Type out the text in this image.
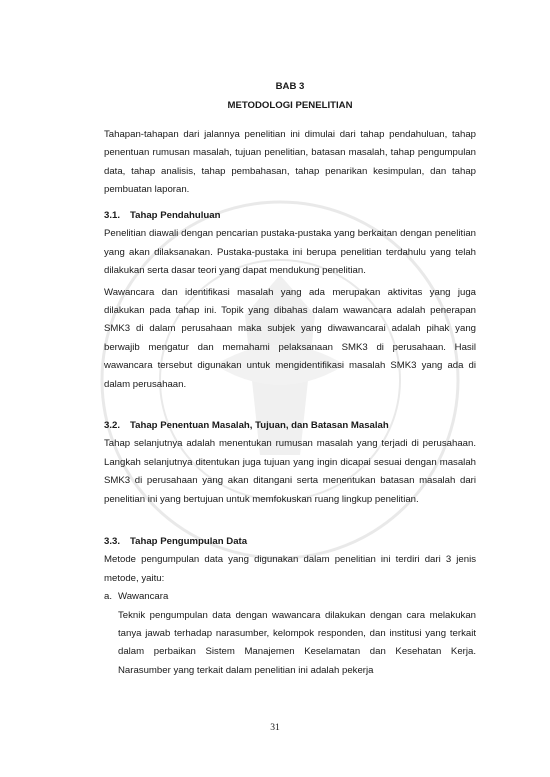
BAB 3
METODOLOGI PENELITIAN

Tahapan-tahapan dari jalannya penelitian ini dimulai dari tahap pendahuluan, tahap penentuan rumusan masalah, tujuan penelitian, batasan masalah, tahap pengumpulan data, tahap analisis, tahap pembahasan, tahap penarikan kesimpulan, dan tahap pembuatan laporan.

3.1. Tahap Pendahuluan

Penelitian diawali dengan pencarian pustaka-pustaka yang berkaitan dengan penelitian yang akan dilaksanakan. Pustaka-pustaka ini berupa penelitian terdahulu yang telah dilakukan serta dasar teori yang dapat mendukung penelitian.

Wawancara dan identifikasi masalah yang ada merupakan aktivitas yang juga dilakukan pada tahap ini. Topik yang dibahas dalam wawancara adalah penerapan SMK3 di dalam perusahaan maka subjek yang diwawancarai adalah pihak yang berwajib mengatur dan memahami pelaksanaan SMK3 di perusahaan. Hasil wawancara tersebut digunakan untuk mengidentifikasi masalah SMK3 yang ada di dalam perusahaan.

3.2. Tahap Penentuan Masalah, Tujuan, dan Batasan Masalah

Tahap selanjutnya adalah menentukan rumusan masalah yang terjadi di perusahaan. Langkah selanjutnya ditentukan juga tujuan yang ingin dicapai sesuai dengan masalah SMK3 di perusahaan yang akan ditangani serta menentukan batasan masalah dari penelitian ini yang bertujuan untuk memfokuskan ruang lingkup penelitian.

3.3. Tahap Pengumpulan Data

Metode pengumpulan data yang digunakan dalam penelitian ini terdiri dari 3 jenis metode, yaitu:

a. Wawancara

Teknik pengumpulan data dengan wawancara dilakukan dengan cara melakukan tanya jawab terhadap narasumber, kelompok responden, dan institusi yang terkait dalam perbaikan Sistem Manajemen Keselamatan dan Kesehatan Kerja. Narasumber yang terkait dalam penelitian ini adalah pekerja

31
